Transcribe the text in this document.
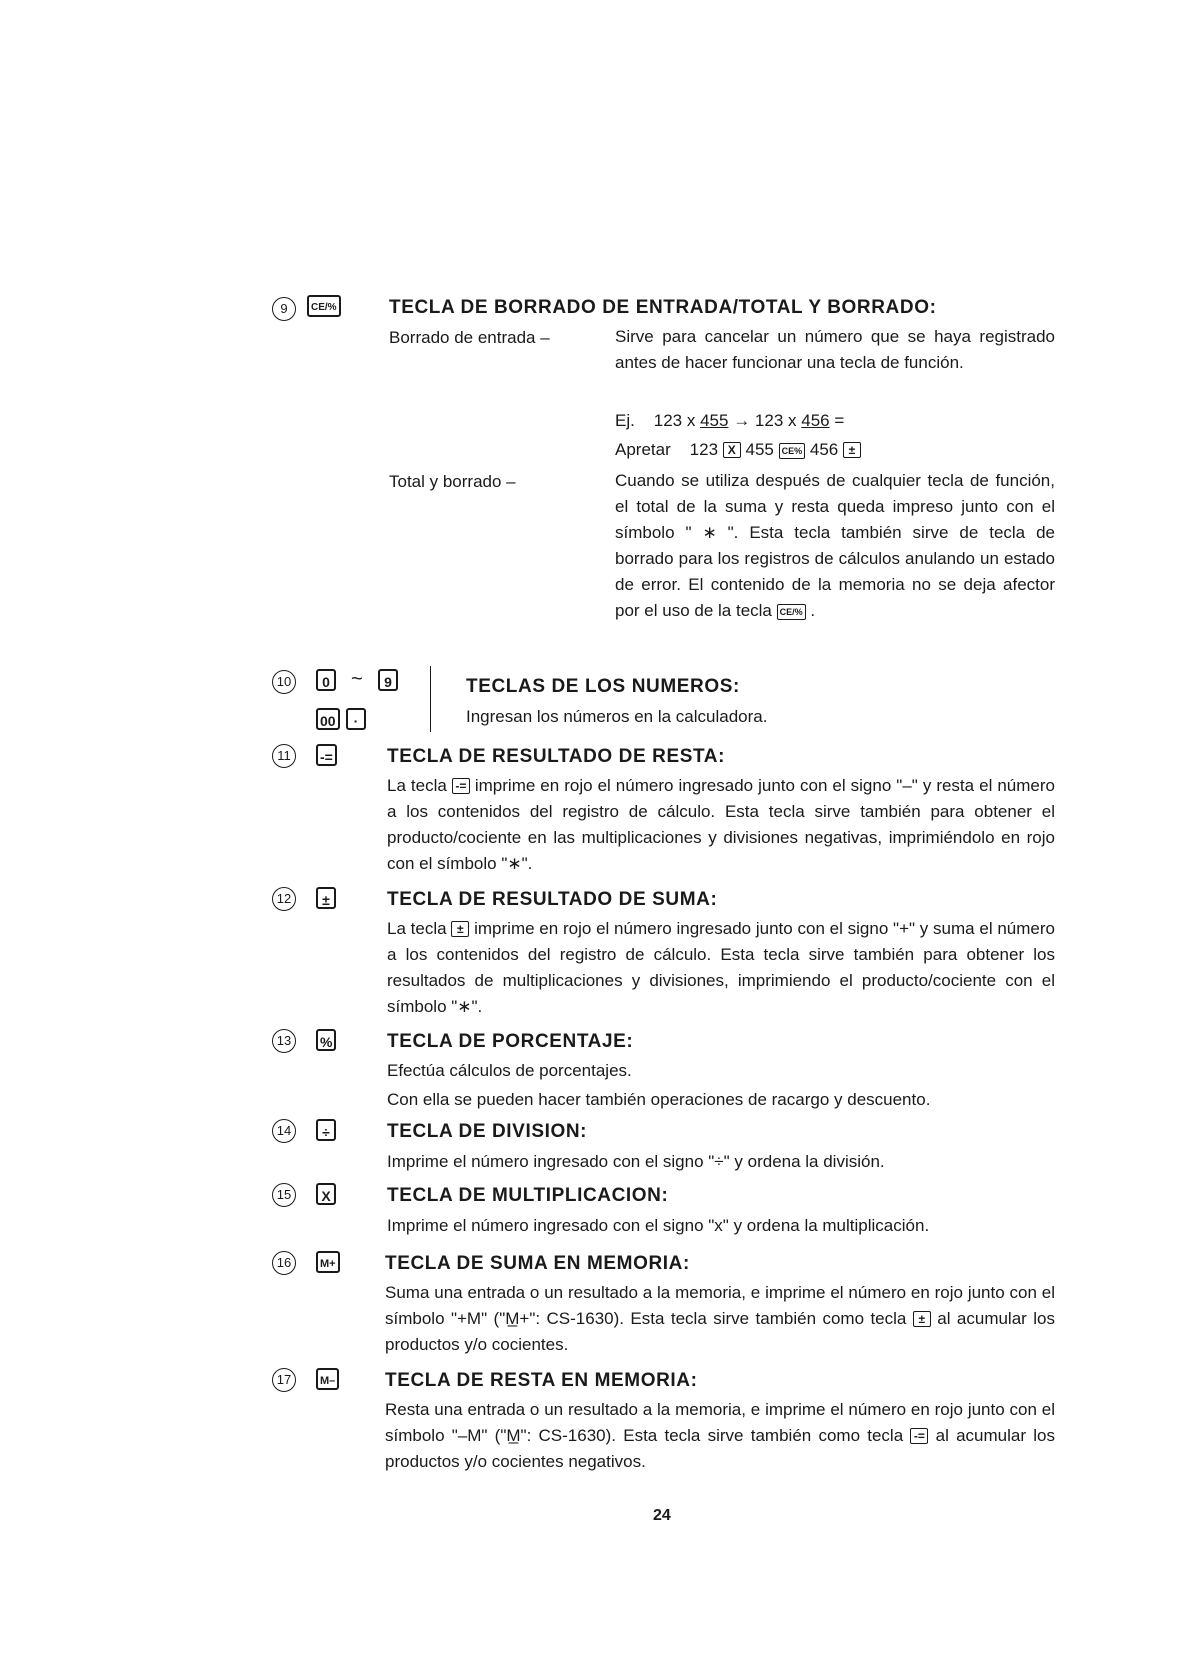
9	CE/%	TECLA DE BORRADO DE ENTRADA/TOTAL Y BORRADO:
Borrado de entrada –	Sirve para cancelar un número que se haya registrado antes de hacer funcionar una tecla de función.
Ej. 123 x 455 → 123 x 456 =
Apretar 123 X 455 CE% 456 ±
Total y borrado –	Cuando se utiliza después de cualquier tecla de función, el total de la suma y resta queda impreso junto con el símbolo " ∗ ". Esta tecla también sirve de tecla de borrado para los registros de cálculos anulando un estado de error. El contenido de la memoria no se deja afector por el uso de la tecla CE/% .
10	0	~	9
00	·
TECLAS DE LOS NUMEROS:
Ingresan los números en la calculadora.
11	-=	TECLA DE RESULTADO DE RESTA:
La tecla -= imprime en rojo el número ingresado junto con el signo "–" y resta el número a los contenidos del registro de cálculo. Esta tecla sirve también para obtener el producto/cociente en las multiplicaciones y divisiones negativas, imprimiéndolo en rojo con el símbolo "∗".
12	±	TECLA DE RESULTADO DE SUMA:
La tecla ± imprime en rojo el número ingresado junto con el signo "+" y suma el número a los contenidos del registro de cálculo. Esta tecla sirve también para obtener los resultados de multiplicaciones y divisiones, imprimiendo el producto/cociente con el símbolo "∗".
13	%	TECLA DE PORCENTAJE:
Efectúa cálculos de porcentajes.
Con ella se pueden hacer también operaciones de racargo y descuento.
14	÷	TECLA DE DIVISION:
Imprime el número ingresado con el signo "÷" y ordena la división.
15	X	TECLA DE MULTIPLICACION:
Imprime el número ingresado con el signo "x" y ordena la multiplicación.
16	M+	TECLA DE SUMA EN MEMORIA:
Suma una entrada o un resultado a la memoria, e imprime el número en rojo junto con el símbolo "+M" ("M̲+": CS-1630). Esta tecla sirve también como tecla ± al acumular los productos y/o cocientes.
17	M–	TECLA DE RESTA EN MEMORIA:
Resta una entrada o un resultado a la memoria, e imprime el número en rojo junto con el símbolo "–M" ("M̲": CS-1630). Esta tecla sirve también como tecla -= al acumular los productos y/o cocientes negativos.
24
